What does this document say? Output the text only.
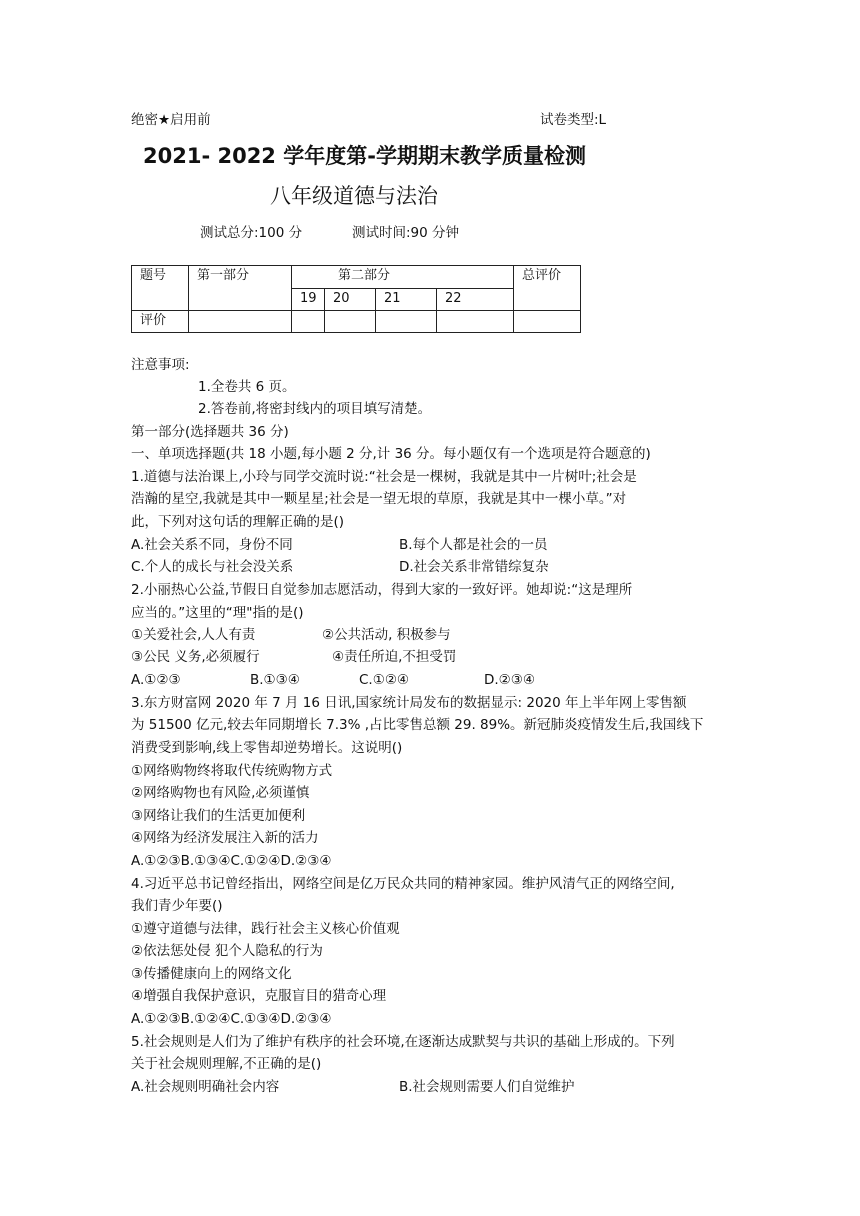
绝密★启用前	试卷类型:L
2021- 2022 学年度第-学期期末教学质量检测
八年级道德与法治
测试总分:100 分	测试时间:90 分钟
题号	第一部分	第二部分				总评价
		19	20	21	22	
评价						
注意事项:
1.全卷共 6 页。
2.答卷前,将密封线内的项目填写清楚。
第一部分(选择题共 36 分)
一、单项选择题(共 18 小题,每小题 2 分,计 36 分。每小题仅有一个选项是符合题意的)
1.道德与法治课上,小玲与同学交流时说:“社会是一棵树，我就是其中一片树叶;社会是
浩瀚的星空,我就是其中一颗星星;社会是一望无垠的草原，我就是其中一棵小草。”对
此，下列对这句话的理解正确的是()
A.社会关系不同，身份不同	B.每个人都是社会的一员
C.个人的成长与社会没关系	D.社会关系非常错综复杂
2.小丽热心公益,节假日自觉参加志愿活动，得到大家的一致好评。她却说:“这是理所
应当的。”这里的“理"指的是()
①关爱社会,人人有责	②公共活动, 积极参与
③公民 义务,必须履行	④责任所迫,不担受罚
A.①②③	B.①③④	C.①②④	D.②③④
3.东方财富网 2020 年 7 月 16 日讯,国家统计局发布的数据显示: 2020 年上半年网上零售额
为 51500 亿元,较去年同期增长 7.3% ,占比零售总额 29. 89%。新冠肺炎疫情发生后,我国线下
消费受到影响,线上零售却逆势增长。这说明()
①网络购物终将取代传统购物方式
②网络购物也有风险,必须谨慎
③网络让我们的生活更加便利
④网络为经济发展注入新的活力
A.①②③B.①③④C.①②④D.②③④
4.习近平总书记曾经指出，网络空间是亿万民众共同的精神家园。维护风清气正的网络空间,
我们青少年要()
①遵守道德与法律，践行社会主义核心价值观
②依法惩处侵 犯个人隐私的行为
③传播健康向上的网络文化
④增强自我保护意识，克服盲目的猎奇心理
A.①②③B.①②④C.①③④D.②③④
5.社会规则是人们为了维护有秩序的社会环境,在逐渐达成默契与共识的基础上形成的。下列
关于社会规则理解,不正确的是()
A.社会规则明确社会内容	B.社会规则需要人们自觉维护
